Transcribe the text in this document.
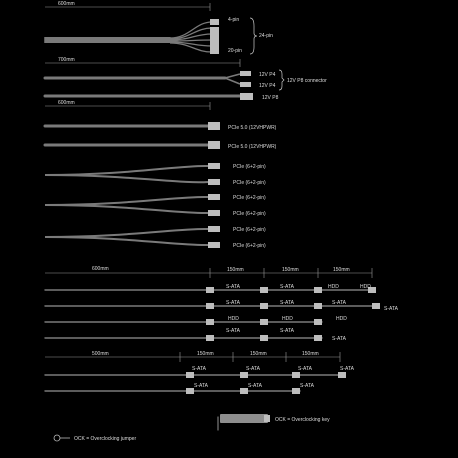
600mm
4-pin
20-pin
24-pin
700mm
12V P4
12V P4
12V P8 connector
12V P8
600mm
PCIe 5.0 (12VHPWR)
PCIe 5.0 (12VHPWR)
PCIe (6+2-pin)
PCIe (6+2-pin)
PCIe (6+2-pin)
PCIe (6+2-pin)
PCIe (6+2-pin)
PCIe (6+2-pin)
600mm	150mm	150mm	150mm
S-ATA	S-ATA	HDD	HDD
S-ATA	S-ATA	S-ATA
S-ATA
HDD	HDD	HDD
S-ATA	S-ATA
S-ATA
500mm	150mm	150mm	150mm
S-ATA	S-ATA	S-ATA	S-ATA
S-ATA	S-ATA	S-ATA
OCK = Overclocking key
OCK = Overclocking jumper
